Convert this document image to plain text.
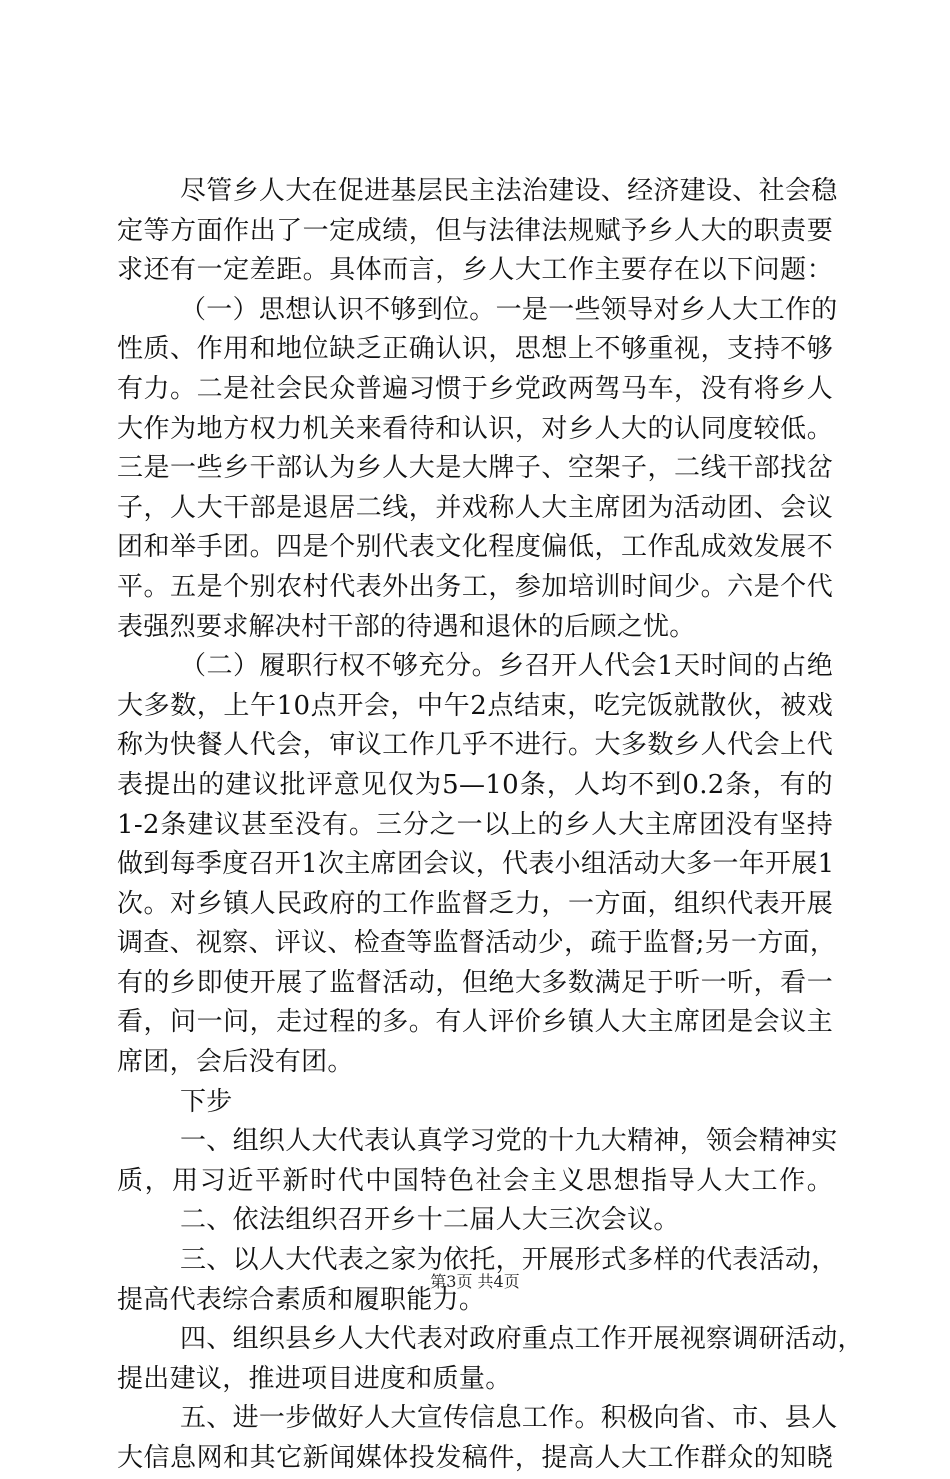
尽管乡人大在促进基层民主法治建设、经济建设、社会稳
定等方面作出了一定成绩，但与法律法规赋予乡人大的职责要
求还有一定差距。具体而言，乡人大工作主要存在以下问题：
（一）思想认识不够到位。一是一些领导对乡人大工作的
性质、作用和地位缺乏正确认识，思想上不够重视，支持不够
有力。二是社会民众普遍习惯于乡党政两驾马车，没有将乡人
大作为地方权力机关来看待和认识，对乡人大的认同度较低。
三是一些乡干部认为乡人大是大牌子、空架子，二线干部找岔
子，人大干部是退居二线，并戏称人大主席团为活动团、会议
团和举手团。四是个别代表文化程度偏低，工作乱成效发展不
平。五是个别农村代表外出务工，参加培训时间少。六是个代
表强烈要求解决村干部的待遇和退休的后顾之忧。
（二）履职行权不够充分。乡召开人代会1天时间的占绝
大多数，上午10点开会，中午2点结束，吃完饭就散伙，被戏
称为快餐人代会，审议工作几乎不进行。大多数乡人代会上代
表提出的建议批评意见仅为5—10条，人均不到0.2条，有的
1-2条建议甚至没有。三分之一以上的乡人大主席团没有坚持
做到每季度召开1次主席团会议，代表小组活动大多一年开展1
次。对乡镇人民政府的工作监督乏力，一方面，组织代表开展
调查、视察、评议、检查等监督活动少，疏于监督;另一方面，
有的乡即使开展了监督活动，但绝大多数满足于听一听，看一
看，问一问，走过程的多。有人评价乡镇人大主席团是会议主
席团，会后没有团。
下步
一、组织人大代表认真学习党的十九大精神，领会精神实
质，用习近平新时代中国特色社会主义思想指导人大工作。
二、依法组织召开乡十二届人大三次会议。
三、以人大代表之家为依托，开展形式多样的代表活动，
提高代表综合素质和履职能力。
四、组织县乡人大代表对政府重点工作开展视察调研活动，
提出建议，推进项目进度和质量。
五、进一步做好人大宣传信息工作。积极向省、市、县人
大信息网和其它新闻媒体投发稿件，提高人大工作群众的知晓
第3页 共4页
